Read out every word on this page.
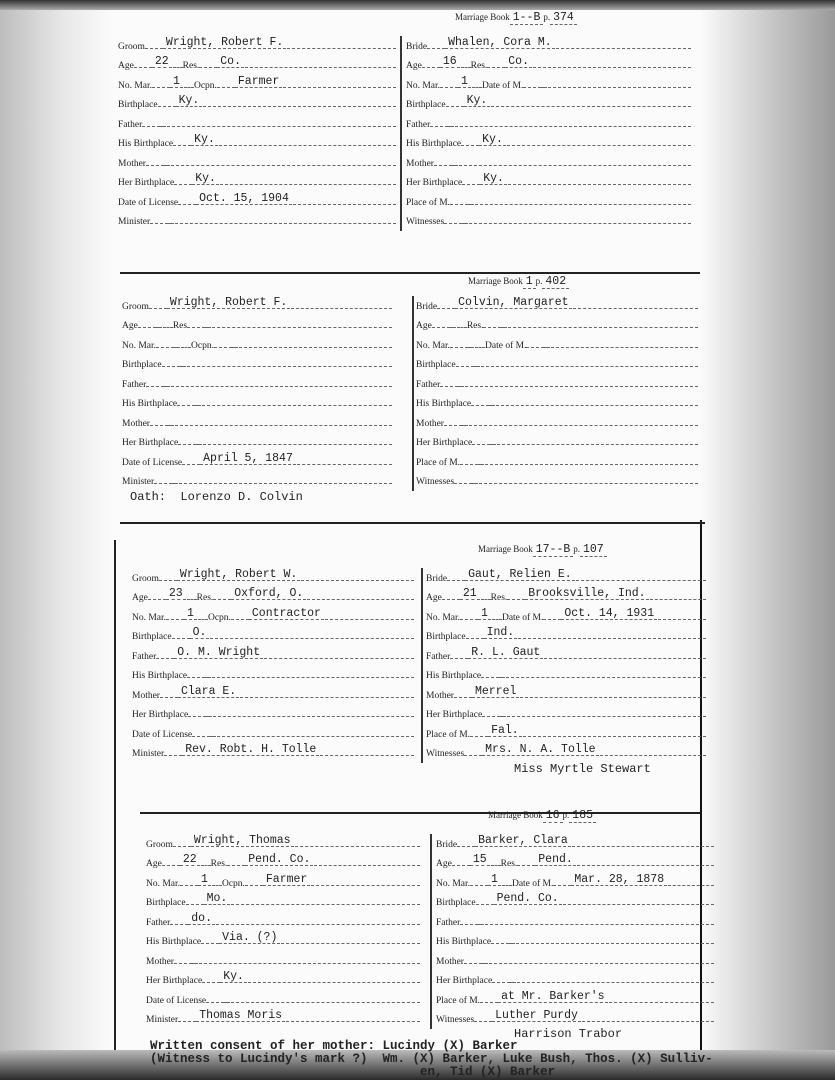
Marriage Book 1--B p. 374
Groom Wright, Robert F.
Age 22	Res. Co.
No. Mar. 1	Ocpn. Farmer
Birthplace Ky.
Father
His Birthplace Ky.
Mother
Her Birthplace Ky.
Date of License Oct. 15, 1904
Minister
Bride Whalen, Cora M.
Age 16	Res. Co.
No. Mar. 1	Date of M.
Birthplace Ky.
Father
His Birthplace Ky.
Mother
Her Birthplace Ky.
Place of M.
Witnesses
Marriage Book 1 p. 402
Groom Wright, Robert F.
Age	Res
No. Mar.	Ocpn.
Birthplace
Father
His Birthplace
Mother
Her Birthplace
Date of License April 5, 1847
Minister
Bride Colvin, Margaret
Age	Res.
No. Mar.	Date of M.
Birthplace
Father
His Birthplace
Mother
Her Birthplace
Place of M.
Witnesses
Oath:  Lorenzo D. Colvin
Marriage Book 17--B p. 107
Groom Wright, Robert W.
Age 23	Res. Oxford, O.
No. Mar. 1	Ocpn. Contractor
Birthplace O.
Father O. M. Wright
His Birthplace
Mother Clara E.
Her Birthplace
Date of License
Minister Rev. Robt. H. Tolle
Bride Gaut, Relien E.
Age 21	Res. Brooksville, Ind.
No. Mar. 1	Date of M. Oct. 14, 1931
Birthplace Ind.
Father R. L. Gaut
His Birthplace
Mother Merrel
Her Birthplace
Place of M. Fal.
Witnesses Mrs. N. A. Tolle
Miss Myrtle Stewart
Marriage Book 16 p. 185
Groom Wright, Thomas
Age 22	Res. Pend. Co.
No. Mar. 1	Ocpn. Farmer
Birthplace Mo.
Father do.
His Birthplace Via. (?)
Mother
Her Birthplace Ky.
Date of License
Minister Thomas Moris
Bride Barker, Clara
Age 15	Res. Pend.
No. Mar. 1	Date of M. Mar. 28, 1878
Birthplace Pend. Co.
Father
His Birthplace
Mother
Her Birthplace
Place of M. at Mr. Barker's
Witnesses Luther Purdy
Harrison Trabor
Written consent of her mother: Lucindy (X) Barker
(Witness to Lucindy's mark ?)  Wm. (X) Barker, Luke Bush, Thos. (X) Sulliv-
en, Tid (X) Barker
